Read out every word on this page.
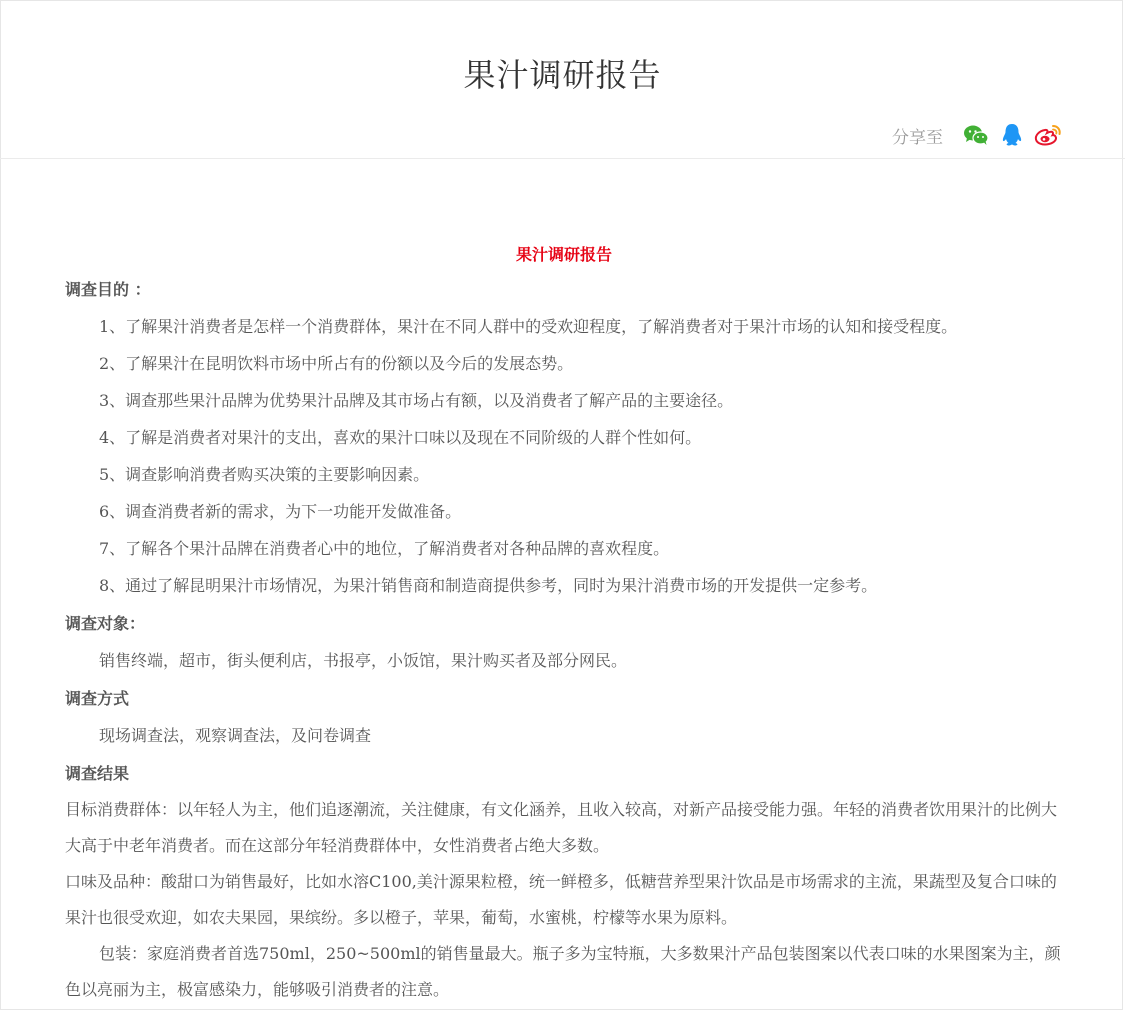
果汁调研报告
分享至
果汁调研报告
调查目的 ：

1、了解果汁消费者是怎样一个消费群体，果汁在不同人群中的受欢迎程度，了解消费者对于果汁市场的认知和接受程度。

2、了解果汁在昆明饮料市场中所占有的份额以及今后的发展态势。

3、调查那些果汁品牌为优势果汁品牌及其市场占有额，以及消费者了解产品的主要途径。

4、了解是消费者对果汁的支出，喜欢的果汁口味以及现在不同阶级的人群个性如何。

5、调查影响消费者购买决策的主要影响因素。

6、调查消费者新的需求，为下一功能开发做准备。

7、了解各个果汁品牌在消费者心中的地位，了解消费者对各种品牌的喜欢程度。

8、通过了解昆明果汁市场情况，为果汁销售商和制造商提供参考，同时为果汁消费市场的开发提供一定参考。

调查对象：

销售终端，超市，街头便利店，书报亭，小饭馆，果汁购买者及部分网民。

调查方式

现场调查法，观察调查法，及问卷调查

调查结果

目标消费群体：以年轻人为主，他们追逐潮流，关注健康，有文化涵养，且收入较高，对新产品接受能力强。年轻的消费者饮用果汁的比例大大高于中老年消费者。而在这部分年轻消费群体中，女性消费者占绝大多数。

口味及品种：酸甜口为销售最好，比如水溶C100,美汁源果粒橙，统一鲜橙多，低糖营养型果汁饮品是市场需求的主流，果蔬型及复合口味的果汁也很受欢迎，如农夫果园，果缤纷。多以橙子，苹果，葡萄，水蜜桃，柠檬等水果为原料。

包装：家庭消费者首选750ml，250~500ml的销售量最大。瓶子多为宝特瓶，大多数果汁产品包装图案以代表口味的水果图案为主，颜色以亮丽为主，极富感染力，能够吸引消费者的注意。
